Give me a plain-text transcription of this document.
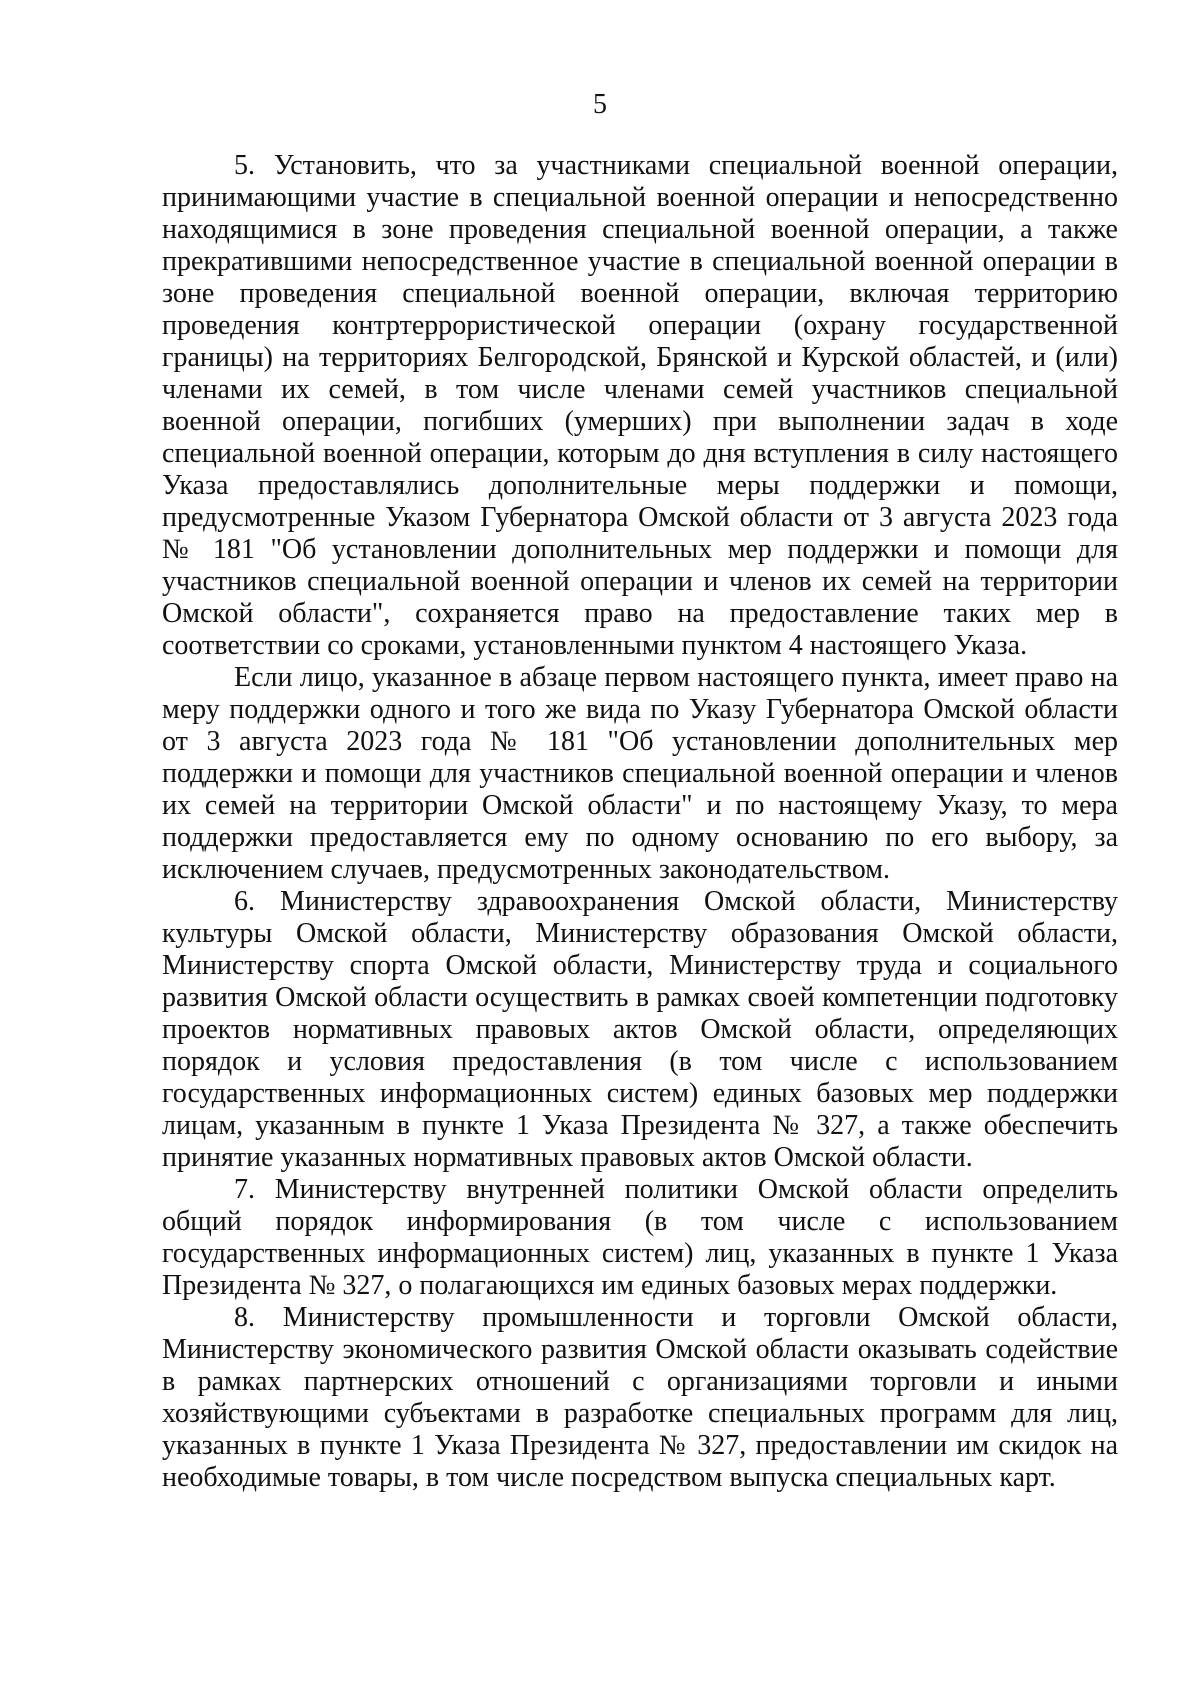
5

5. Установить, что за участниками специальной военной операции, принимающими участие в специальной военной операции и непосредственно находящимися в зоне проведения специальной военной операции, а также прекратившими непосредственное участие в специальной военной операции в зоне проведения специальной военной операции, включая территорию проведения контртеррористической операции (охрану государственной границы) на территориях Белгородской, Брянской и Курской областей, и (или) членами их семей, в том числе членами семей участников специальной военной операции, погибших (умерших) при выполнении задач в ходе специальной военной операции, которым до дня вступления в силу настоящего Указа предоставлялись дополнительные меры поддержки и помощи, предусмотренные Указом Губернатора Омской области от 3 августа 2023 года № 181 "Об установлении дополнительных мер поддержки и помощи для участников специальной военной операции и членов их семей на территории Омской области", сохраняется право на предоставление таких мер в соответствии со сроками, установленными пунктом 4 настоящего Указа.

Если лицо, указанное в абзаце первом настоящего пункта, имеет право на меру поддержки одного и того же вида по Указу Губернатора Омской области от 3 августа 2023 года № 181 "Об установлении дополнительных мер поддержки и помощи для участников специальной военной операции и членов их семей на территории Омской области" и по настоящему Указу, то мера поддержки предоставляется ему по одному основанию по его выбору, за исключением случаев, предусмотренных законодательством.

6. Министерству здравоохранения Омской области, Министерству культуры Омской области, Министерству образования Омской области, Министерству спорта Омской области, Министерству труда и социального развития Омской области осуществить в рамках своей компетенции подготовку проектов нормативных правовых актов Омской области, определяющих порядок и условия предоставления (в том числе с использованием государственных информационных систем) единых базовых мер поддержки лицам, указанным в пункте 1 Указа Президента № 327, а также обеспечить принятие указанных нормативных правовых актов Омской области.

7. Министерству внутренней политики Омской области определить общий порядок информирования (в том числе с использованием государственных информационных систем) лиц, указанных в пункте 1 Указа Президента № 327, о полагающихся им единых базовых мерах поддержки.

8. Министерству промышленности и торговли Омской области, Министерству экономического развития Омской области оказывать содействие в рамках партнерских отношений с организациями торговли и иными хозяйствующими субъектами в разработке специальных программ для лиц, указанных в пункте 1 Указа Президента № 327, предоставлении им скидок на необходимые товары, в том числе посредством выпуска специальных карт.
